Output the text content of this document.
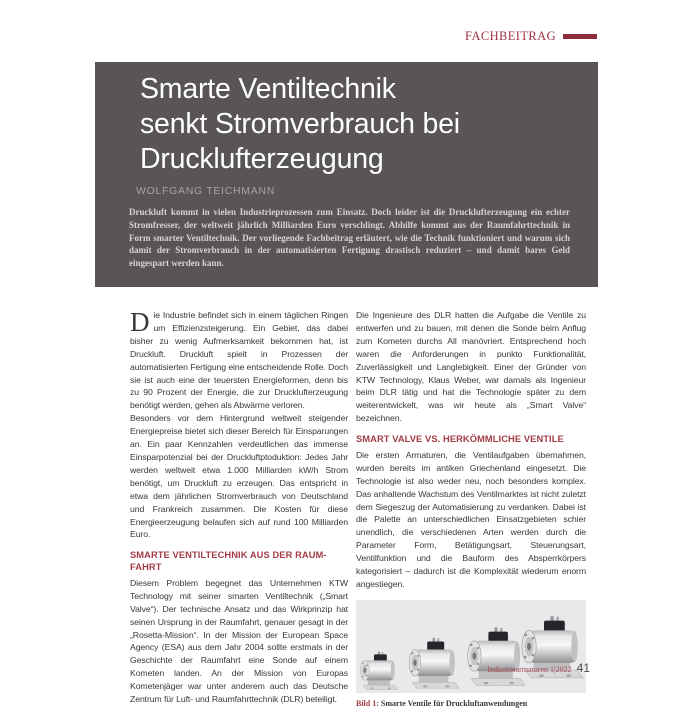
FACHBEITRAG
Smarte Ventiltechnik
senkt Stromverbrauch bei
Drucklufterzeugung
WOLFGANG TEICHMANN
Druckluft kommt in vielen Industrieprozessen zum Einsatz. Doch leider ist die Drucklufterzeugung ein echter Stromfresser, der weltweit jährlich Milliarden Euro verschlingt. Abhilfe kommt aus der Raumfahrttechnik in Form smarter Ventiltechnik. Der vorliegende Fachbeitrag erläutert, wie die Technik funktioniert und warum sich damit der Stromverbrauch in der automatisierten Fertigung drastisch reduziert – und damit bares Geld eingespart werden kann.

Die Industrie befindet sich in einem täglichen Ringen um Effizienzsteigerung. Ein Gebiet, das dabei bisher zu wenig Aufmerksamkeit bekommen hat, ist Druckluft. Druckluft spielt in Prozessen der automatisierten Fertigung eine entscheidende Rolle. Doch sie ist auch eine der teuersten Energieformen, denn bis zu 90 Prozent der Energie, die zur Drucklufterzeugung benötigt werden, gehen als Abwärme verloren.

Besonders vor dem Hintergrund weltweit steigender Energiepreise bietet sich dieser Bereich für Einsparungen an. Ein paar Kennzahlen verdeutlichen das immense Einsparpotenzial bei der Druckluftptoduktion: Jedes Jahr werden weltweit etwa 1.000 Milliarden kW/h Strom benötigt, um Druckluft zu erzeugen. Das entspricht in etwa dem jährlichen Stromverbrauch von Deutschland und Frankreich zusammen. Die Kosten für diese Energieerzeugung belaufen sich auf rund 100 Milliarden Euro.

SMARTE VENTILTECHNIK AUS DER RAUM-FAHRT

Diesem Problem begegnet das Unternehmen KTW Technology mit seiner smarten Ventiltechnik („Smart Valve“). Der technische Ansatz und das Wirkprinzip hat seinen Ursprung in der Raumfahrt, genauer gesagt in der „Rosetta-Mission“. In der Mission der European Space Agency (ESA) aus dem Jahr 2004 sollte erstmals in der Geschichte der Raumfahrt eine Sonde auf einem Kometen landen. An der Mission von Europas Kometenjäger war unter anderem auch das Deutsche Zentrum für Luft- und Raumfahrttechnik (DLR) beteiligt.

Die Ingenieure des DLR hatten die Aufgabe die Ventile zu entwerfen und zu bauen, mit denen die Sonde beim Anflug zum Kometen durchs All manövriert. Entsprechend hoch waren die Anforderungen in punkto Funktionalität, Zuverlässigkeit und Langlebigkeit. Einer der Gründer von KTW Technology, Klaus Weber, war damals als Ingenieur beim DLR tätig und hat die Technologie später zu dem weiterentwickelt, was wir heute als „Smart Valve“ bezeichnen.

SMART VALVE VS. HERKÖMMLICHE VENTILE

Die ersten Armaturen, die Ventilaufgaben übernahmen, wurden bereits im antiken Griechenland eingesetzt. Die Technologie ist also weder neu, noch besonders komplex. Das anhaltende Wachstum des Ventilmarktes ist nicht zuletzt dem Siegeszug der Automatisierung zu verdanken. Dabei ist die Palette an unterschiedlichen Einsatzgebieten schier unendlich, die verschiedenen Arten werden durch die Parameter Form, Betätigungsart, Steuerungsart, Ventilfunktion und die Bauform des Absperrkörpers kategorisiert – dadurch ist die Komplexität wiederum enorm angestiegen.

Bild 1: Smarte Ventile für Druckluftanwendungen
Industriearmaturen 1|2022 41
